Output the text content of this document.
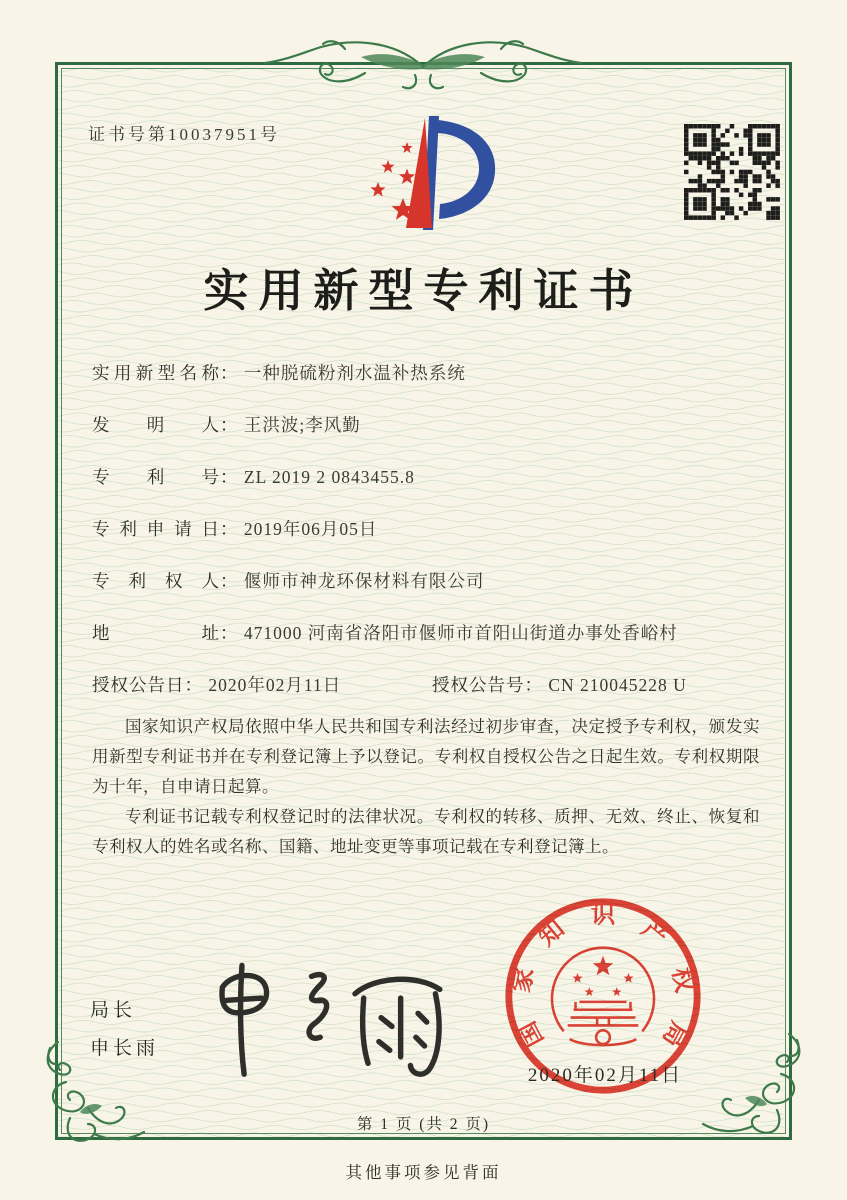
证书号第10037951号
实用新型专利证书
实用新型名称： 一种脱硫粉剂水温补热系统
发明人： 王洪波;李风勤
专利号： ZL 2019 2 0843455.8
专利申请日： 2019年06月05日
专利权人： 偃师市神龙环保材料有限公司
地址： 471000 河南省洛阳市偃师市首阳山街道办事处香峪村
授权公告日： 2020年02月11日	授权公告号： CN 210045228 U

国家知识产权局依照中华人民共和国专利法经过初步审查，决定授予专利权，颁发实用新型专利证书并在专利登记簿上予以登记。专利权自授权公告之日起生效。专利权期限为十年，自申请日起算。

专利证书记载专利权登记时的法律状况。专利权的转移、质押、无效、终止、恢复和专利权人的姓名或名称、国籍、地址变更等事项记载在专利登记簿上。

局长
申长雨	国
家
知
识
产
权
局
2020年02月11日
第 1 页 (共 2 页)
其他事项参见背面
